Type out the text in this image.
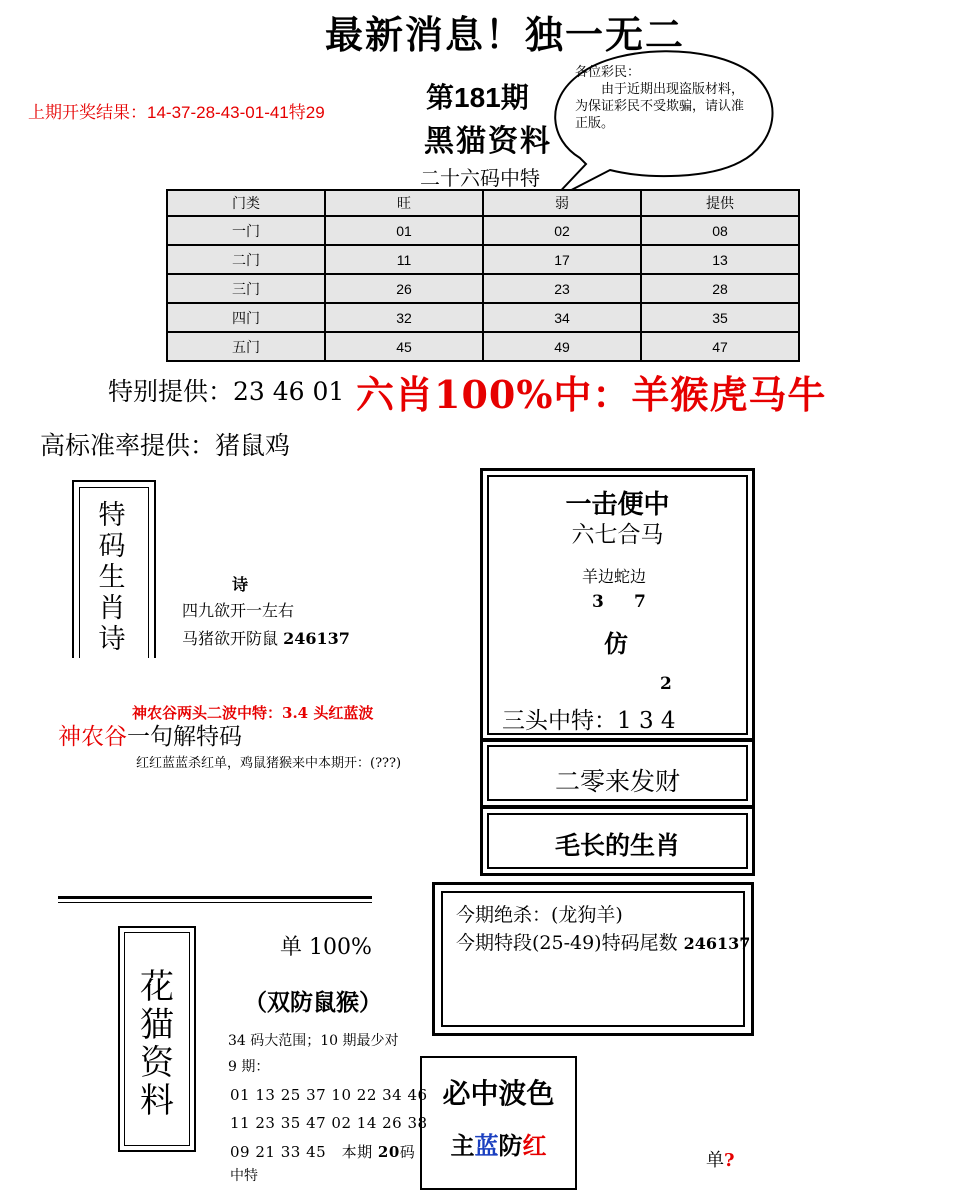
最新消息！独一无二
上期开奖结果：14-37-28-43-01-41特29	第181期
黑猫资料
二十六码中特
各位彩民：
由于近期出现盗版材料，为保证彩民不受欺骗，请认准正版。
门类	旺	弱	提供
一门	01	02	08
二门	11	17	13
三门	26	23	28
四门	32	34	35
五门	45	49	47
特别提供：23 46 01 六肖100%中：羊猴虎马牛
高标准率提供：猪鼠鸡
特
码
生
肖
诗
诗
四九欲开一左右
马猪欲开防鼠 246137
神农谷两头二波中特：3.4 头红蓝波
神农谷一句解特码
红红蓝蓝杀红单，鸡鼠猪猴来中本期开：(???)
一击便中
六七合马
羊边蛇边
3 7
仿
2
三头中特：1 3 4
二零来发财
毛长的生肖
今期绝杀：(龙狗羊)
今期特段(25-49)特码尾数 246137
花
猫
资
料
单 100%
（双防鼠猴）
34 码大范围；10 期最少对
9 期：
01 13 25 37 10 22 34 46
11 23 35 47 02 14 26 38
09 21 33 45　本期 20码
中特
必中波色
主蓝防红
单?
